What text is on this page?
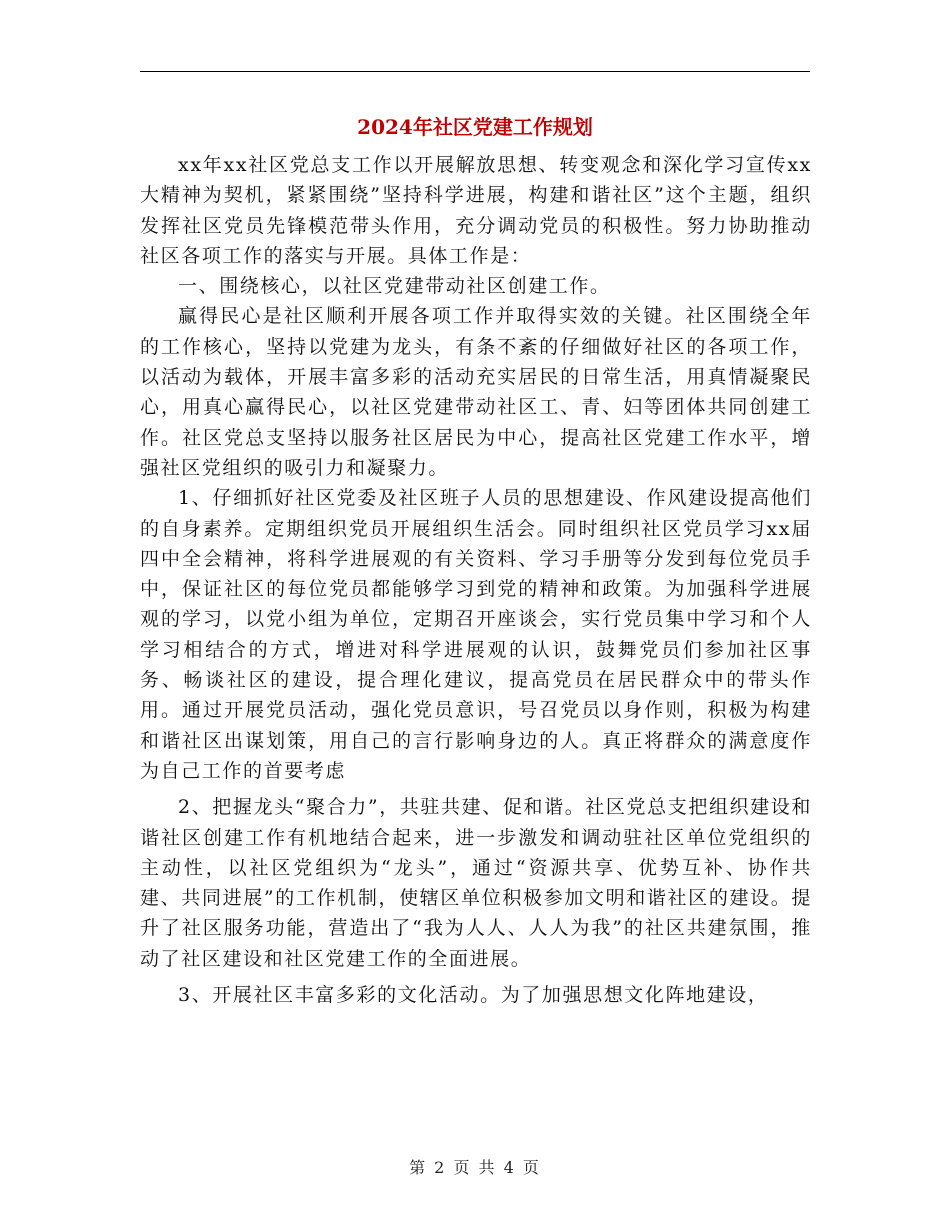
2024年社区党建工作规划

xx年xx社区党总支工作以开展解放思想、转变观念和深化学习宣传xx大精神为契机，紧紧围绕”坚持科学进展，构建和谐社区”这个主题，组织发挥社区党员先锋模范带头作用，充分调动党员的积极性。努力协助推动社区各项工作的落实与开展。具体工作是：

一、围绕核心，以社区党建带动社区创建工作。

赢得民心是社区顺利开展各项工作并取得实效的关键。社区围绕全年的工作核心，坚持以党建为龙头，有条不紊的仔细做好社区的各项工作，以活动为载体，开展丰富多彩的活动充实居民的日常生活，用真情凝聚民心，用真心赢得民心，以社区党建带动社区工、青、妇等团体共同创建工作。社区党总支坚持以服务社区居民为中心，提高社区党建工作水平，增强社区党组织的吸引力和凝聚力。

1、仔细抓好社区党委及社区班子人员的思想建设、作风建设提高他们的自身素养。定期组织党员开展组织生活会。同时组织社区党员学习xx届四中全会精神，将科学进展观的有关资料、学习手册等分发到每位党员手中，保证社区的每位党员都能够学习到党的精神和政策。为加强科学进展观的学习，以党小组为单位，定期召开座谈会，实行党员集中学习和个人学习相结合的方式，增进对科学进展观的认识，鼓舞党员们参加社区事务、畅谈社区的建设，提合理化建议，提高党员在居民群众中的带头作用。通过开展党员活动，强化党员意识，号召党员以身作则，积极为构建和谐社区出谋划策，用自己的言行影响身边的人。真正将群众的满意度作为自己工作的首要考虑

2、把握龙头“聚合力”，共驻共建、促和谐。社区党总支把组织建设和谐社区创建工作有机地结合起来，进一步激发和调动驻社区单位党组织的主动性，以社区党组织为“龙头”，通过“资源共享、优势互补、协作共建、共同进展”的工作机制，使辖区单位积极参加文明和谐社区的建设。提升了社区服务功能，营造出了“我为人人、人人为我”的社区共建氛围，推动了社区建设和社区党建工作的全面进展。

3、开展社区丰富多彩的文化活动。为了加强思想文化阵地建设，

第 2 页 共 4 页
